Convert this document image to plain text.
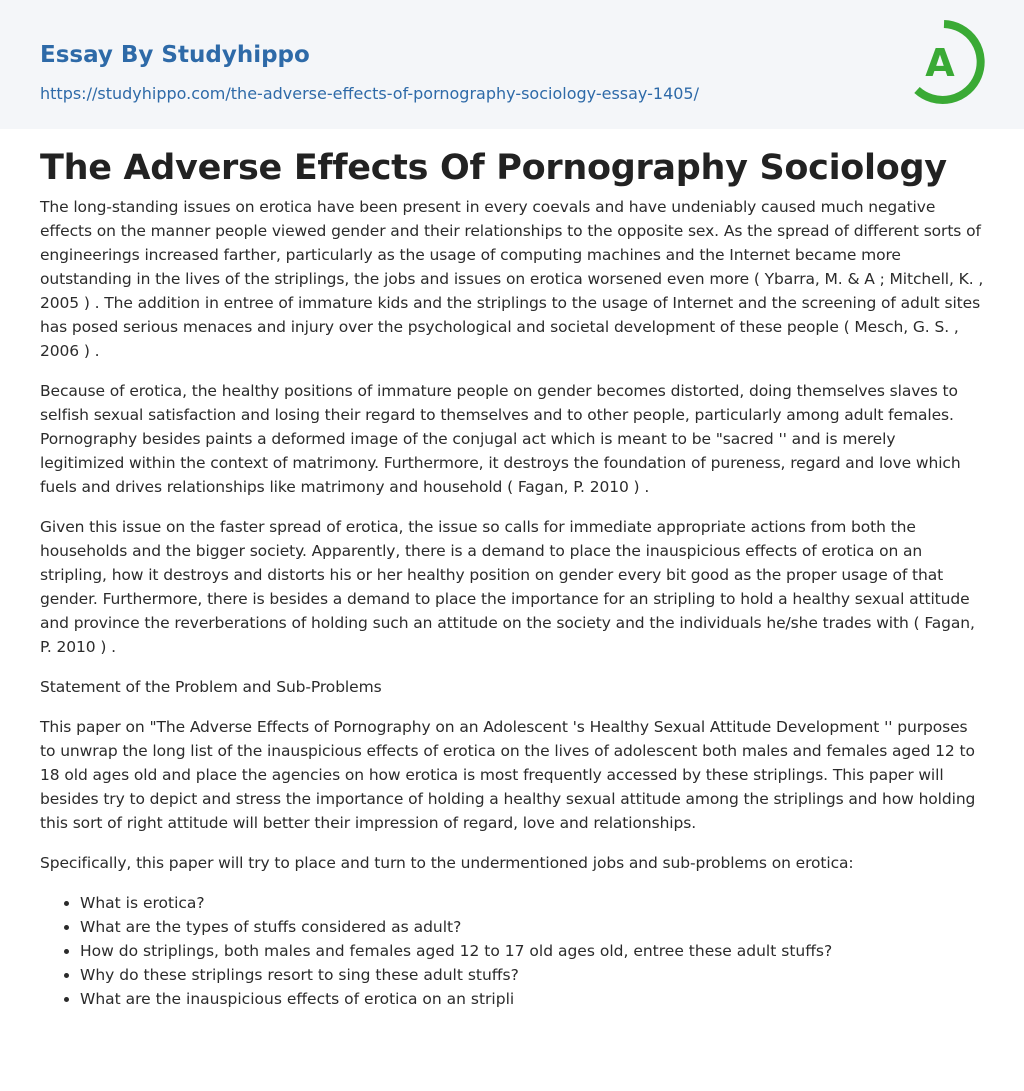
Essay By Studyhippo
https://studyhippo.com/the-adverse-effects-of-pornography-sociology-essay-1405/
A
The Adverse Effects Of Pornography Sociology

The long-standing issues on erotica have been present in every coevals and have undeniably caused much negative effects on the manner people viewed gender and their relationships to the opposite sex. As the spread of different sorts of engineerings increased farther, particularly as the usage of computing machines and the Internet became more outstanding in the lives of the striplings, the jobs and issues on erotica worsened even more ( Ybarra, M. & A ; Mitchell, K. , 2005 ) . The addition in entree of immature kids and the striplings to the usage of Internet and the screening of adult sites has posed serious menaces and injury over the psychological and societal development of these people ( Mesch, G. S. , 2006 ) .

Because of erotica, the healthy positions of immature people on gender becomes distorted, doing themselves slaves to selfish sexual satisfaction and losing their regard to themselves and to other people, particularly among adult females. Pornography besides paints a deformed image of the conjugal act which is meant to be "sacred '' and is merely legitimized within the context of matrimony. Furthermore, it destroys the foundation of pureness, regard and love which fuels and drives relationships like matrimony and household ( Fagan, P. 2010 ) .

Given this issue on the faster spread of erotica, the issue so calls for immediate appropriate actions from both the households and the bigger society. Apparently, there is a demand to place the inauspicious effects of erotica on an stripling, how it destroys and distorts his or her healthy position on gender every bit good as the proper usage of that gender. Furthermore, there is besides a demand to place the importance for an stripling to hold a healthy sexual attitude and province the reverberations of holding such an attitude on the society and the individuals he/she trades with ( Fagan, P. 2010 ) .

Statement of the Problem and Sub-Problems

This paper on "The Adverse Effects of Pornography on an Adolescent 's Healthy Sexual Attitude Development '' purposes to unwrap the long list of the inauspicious effects of erotica on the lives of adolescent both males and females aged 12 to 18 old ages old and place the agencies on how erotica is most frequently accessed by these striplings. This paper will besides try to depict and stress the importance of holding a healthy sexual attitude among the striplings and how holding this sort of right attitude will better their impression of regard, love and relationships.

Specifically, this paper will try to place and turn to the undermentioned jobs and sub-problems on erotica:

• What is erotica?
• What are the types of stuffs considered as adult?
• How do striplings, both males and females aged 12 to 17 old ages old, entree these adult stuffs?
• Why do these striplings resort to sing these adult stuffs?
• What are the inauspicious effects of erotica on an stripli
